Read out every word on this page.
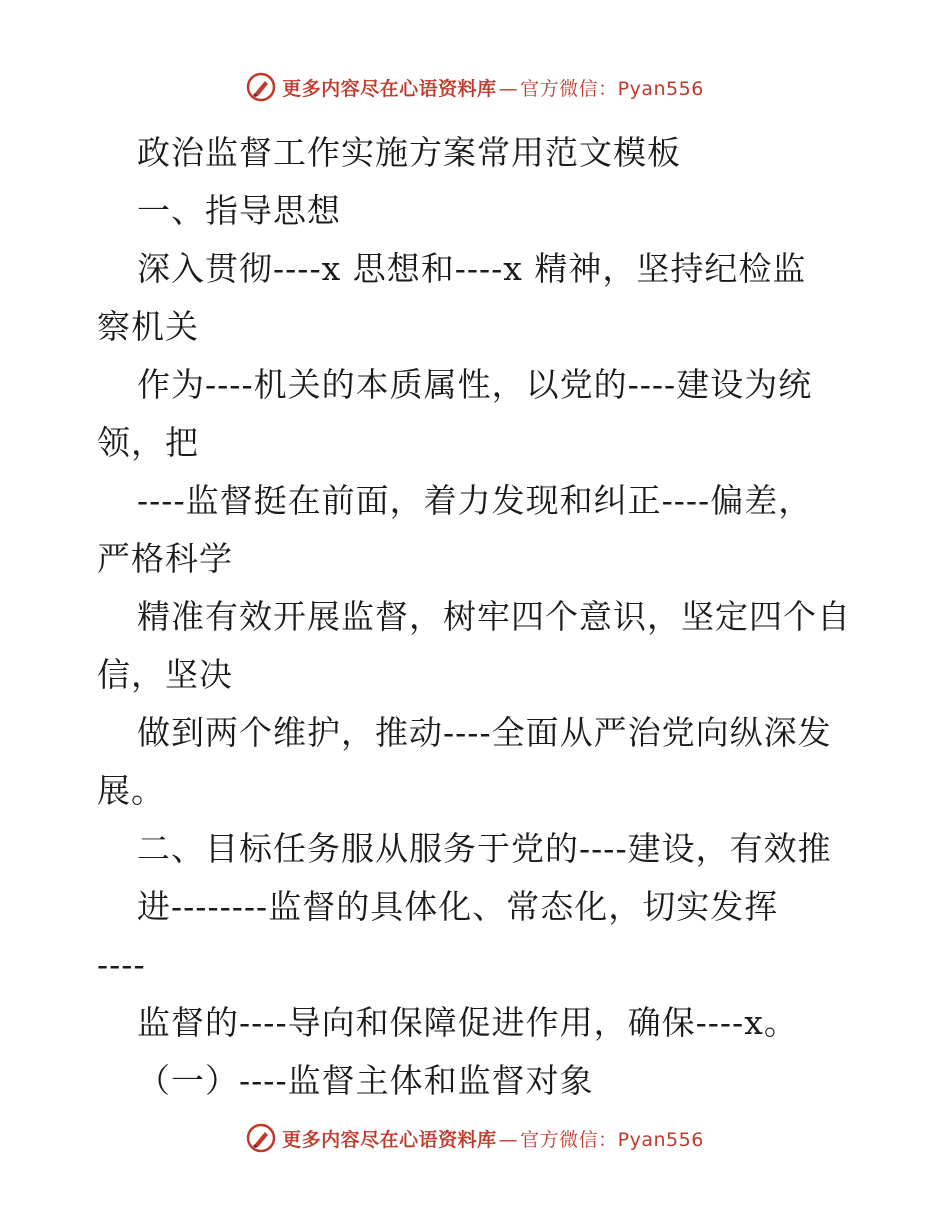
更多内容尽在心语资料库 — 官方微信：Pyan556
政治监督工作实施方案常用范文模板
一、指导思想
深入贯彻----x 思想和----x 精神，坚持纪检监
察机关
作为----机关的本质属性，以党的----建设为统
领，把
----监督挺在前面，着力发现和纠正----偏差，
严格科学
精准有效开展监督，树牢四个意识，坚定四个自
信，坚决
做到两个维护，推动----全面从严治党向纵深发
展。
二、目标任务服从服务于党的----建设，有效推
进--------监督的具体化、常态化，切实发挥
----
监督的----导向和保障促进作用，确保----x。
（一）----监督主体和监督对象
更多内容尽在心语资料库 — 官方微信：Pyan556
